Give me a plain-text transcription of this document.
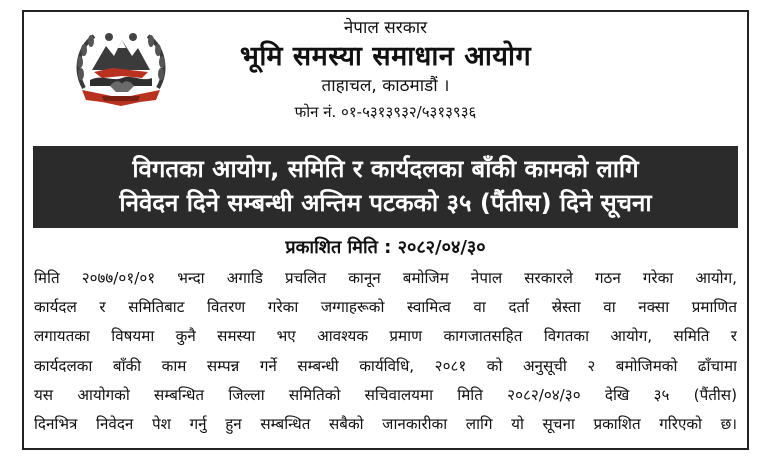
नेपाल सरकार
भूमि समस्या समाधान आयोग
ताहाचल, काठमाडौं ।
फोन नं. ०१-५३१३९३२/५३१३९३६
विगतका आयोग, समिति र कार्यदलका बाँकी कामको लागि
निवेदन दिने सम्बन्धी अन्तिम पटकको ३५ (पैंतीस) दिने सूचना
प्रकाशित मिति : २०८२/०४/३०
मिति २०७७/०१/०१ भन्दा अगाडि प्रचलित कानून बमोजिम नेपाल सरकारले गठन गरेका आयोग,
कार्यदल र समितिबाट वितरण गरेका जग्गाहरूको स्वामित्व वा दर्ता स्रेस्ता वा नक्सा प्रमाणित
लगायतका विषयमा कुनै समस्या भए आवश्यक प्रमाण कागजातसहित विगतका आयोग, समिति र
कार्यदलका बाँकी काम सम्पन्न गर्ने सम्बन्धी कार्यविधि, २०८१ को अनुसूची २ बमोजिमको ढाँचामा
यस आयोगको सम्बन्धित जिल्ला समितिको सचिवालयमा मिति २०८२/०४/३० देखि ३५ (पैंतीस)
दिनभित्र निवेदन पेश गर्नु हुन सम्बन्धित सबैको जानकारीका लागि यो सूचना प्रकाशित गरिएको छ।
